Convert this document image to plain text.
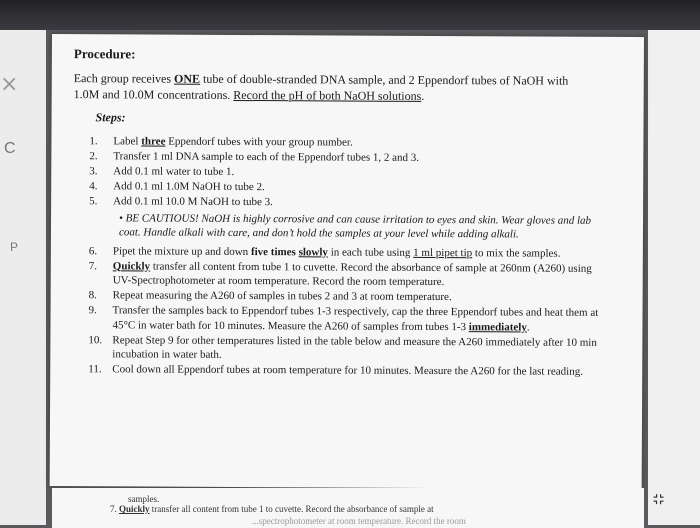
×
C
P
Procedure:
Each group receives ONE tube of double-stranded DNA sample, and 2 Eppendorf tubes of NaOH with 1.0M and 10.0M concentrations. Record the pH of both NaOH solutions.
Steps:
1. Label three Eppendorf tubes with your group number.
2. Transfer 1 ml DNA sample to each of the Eppendorf tubes 1, 2 and 3.
3. Add 0.1 ml water to tube 1.
4. Add 0.1 ml 1.0M NaOH to tube 2.
5. Add 0.1 ml 10.0 M NaOH to tube 3.
• BE CAUTIOUS! NaOH is highly corrosive and can cause irritation to eyes and skin. Wear gloves and lab coat. Handle alkali with care, and don’t hold the samples at your level while adding alkali.
6. Pipet the mixture up and down five times slowly in each tube using 1 ml pipet tip to mix the samples.
7. Quickly transfer all content from tube 1 to cuvette. Record the absorbance of sample at 260nm (A260) using UV-Spectrophotometer at room temperature. Record the room temperature.
8. Repeat measuring the A260 of samples in tubes 2 and 3 at room temperature.
9. Transfer the samples back to Eppendorf tubes 1-3 respectively, cap the three Eppendorf tubes and heat them at 45°C in water bath for 10 minutes. Measure the A260 of samples from tubes 1-3 immediately.
10. Repeat Step 9 for other temperatures listed in the table below and measure the A260 immediately after 10 min incubation in water bath.
11. Cool down all Eppendorf tubes at room temperature for 10 minutes. Measure the A260 for the last reading.
samples.
7. Quickly transfer all content from tube 1 to cuvette. Record the absorbance of sample at
...spectrophotometer at room temperature. Record the room
